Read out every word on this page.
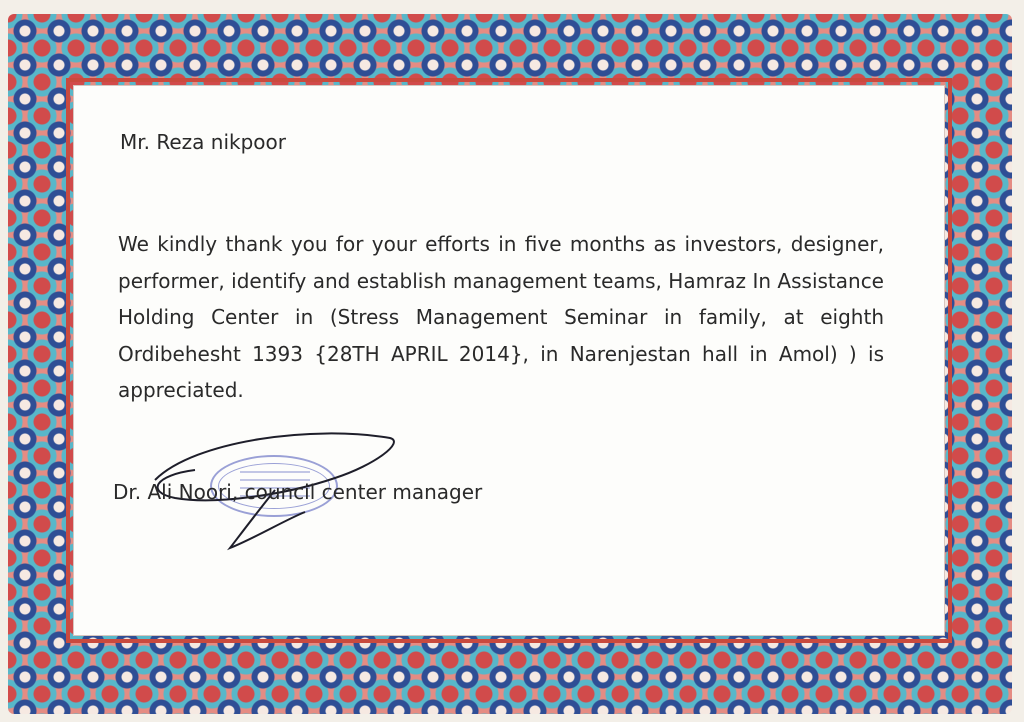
Mr. Reza nikpoor

We kindly thank you for your efforts in five months as investors, designer, performer, identify and establish management teams, Hamraz In Assistance Holding Center in (Stress Management Seminar in family, at eighth Ordibehesht 1393 {28TH APRIL 2014}, in Narenjestan hall in Amol) ) is appreciated.

Dr. Ali Noori, council center manager
